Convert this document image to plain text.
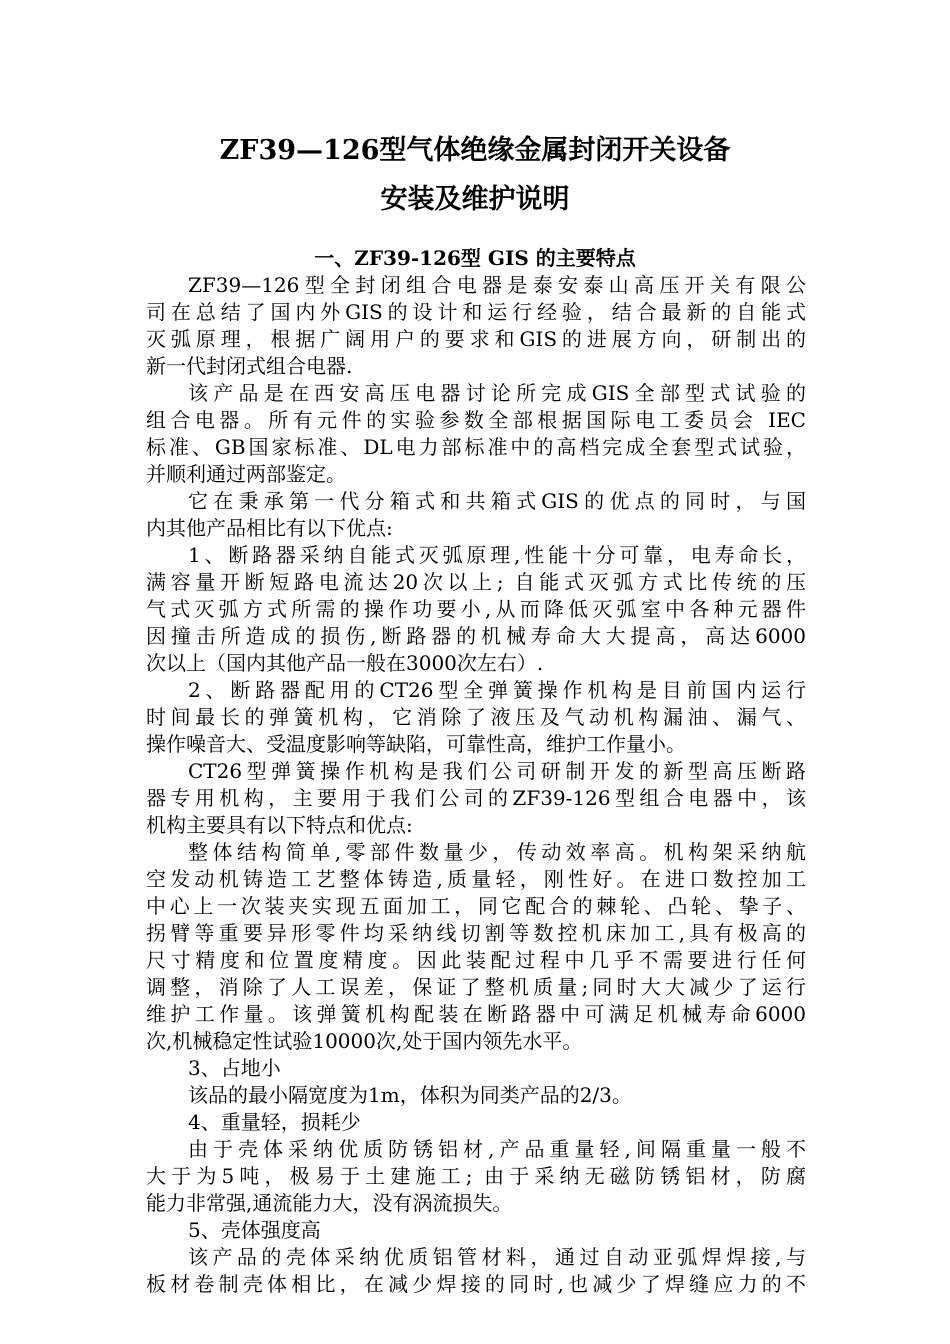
ZF39—126型气体绝缘金属封闭开关设备
安装及维护说明
一、ZF39-126型 GIS 的主要特点
ZF39—126型全封闭组合电器是泰安泰山高压开关有限公
司在总结了国内外GIS的设计和运行经验，结合最新的自能式
灭弧原理，根据广阔用户的要求和GIS的进展方向，研制出的
新一代封闭式组合电器.
该产品是在西安高压电器讨论所完成GIS全部型式试验的
组合电器。所有元件的实验参数全部根据国际电工委员会 IEC
标准、GB国家标准、DL电力部标准中的高档完成全套型式试验，
并顺利通过两部鉴定。
它在秉承第一代分箱式和共箱式GIS的优点的同时，与国
内其他产品相比有以下优点:
1、断路器采纳自能式灭弧原理,性能十分可靠，电寿命长，
满容量开断短路电流达20次以上; 自能式灭弧方式比传统的压
气式灭弧方式所需的操作功要小,从而降低灭弧室中各种元器件
因撞击所造成的损伤,断路器的机械寿命大大提高，高达6000
次以上（国内其他产品一般在3000次左右）.
2、断路器配用的CT26型全弹簧操作机构是目前国内运行
时间最长的弹簧机构，它消除了液压及气动机构漏油、漏气、
操作噪音大、受温度影响等缺陷，可靠性高，维护工作量小。
CT26型弹簧操作机构是我们公司研制开发的新型高压断路
器专用机构，主要用于我们公司的ZF39-126型组合电器中，该
机构主要具有以下特点和优点:
整体结构简单,零部件数量少，传动效率高。机构架采纳航
空发动机铸造工艺整体铸造,质量轻，刚性好。在进口数控加工
中心上一次装夹实现五面加工，同它配合的棘轮、凸轮、挚子、
拐臂等重要异形零件均采纳线切割等数控机床加工,具有极高的
尺寸精度和位置度精度。因此装配过程中几乎不需要进行任何
调整，消除了人工误差，保证了整机质量;同时大大减少了运行
维护工作量。该弹簧机构配装在断路器中可满足机械寿命6000
次,机械稳定性试验10000次,处于国内领先水平。
3、占地小
该品的最小隔宽度为1m，体积为同类产品的2/3。
4、重量轻，损耗少
由于壳体采纳优质防锈铝材,产品重量轻,间隔重量一般不
大于为5吨，极易于土建施工; 由于采纳无磁防锈铝材，防腐
能力非常强,通流能力大，没有涡流损失。
5、壳体强度高
该产品的壳体采纳优质铝管材料，通过自动亚弧焊焊接,与
板材卷制壳体相比，在减少焊接的同时,也减少了焊缝应力的不
